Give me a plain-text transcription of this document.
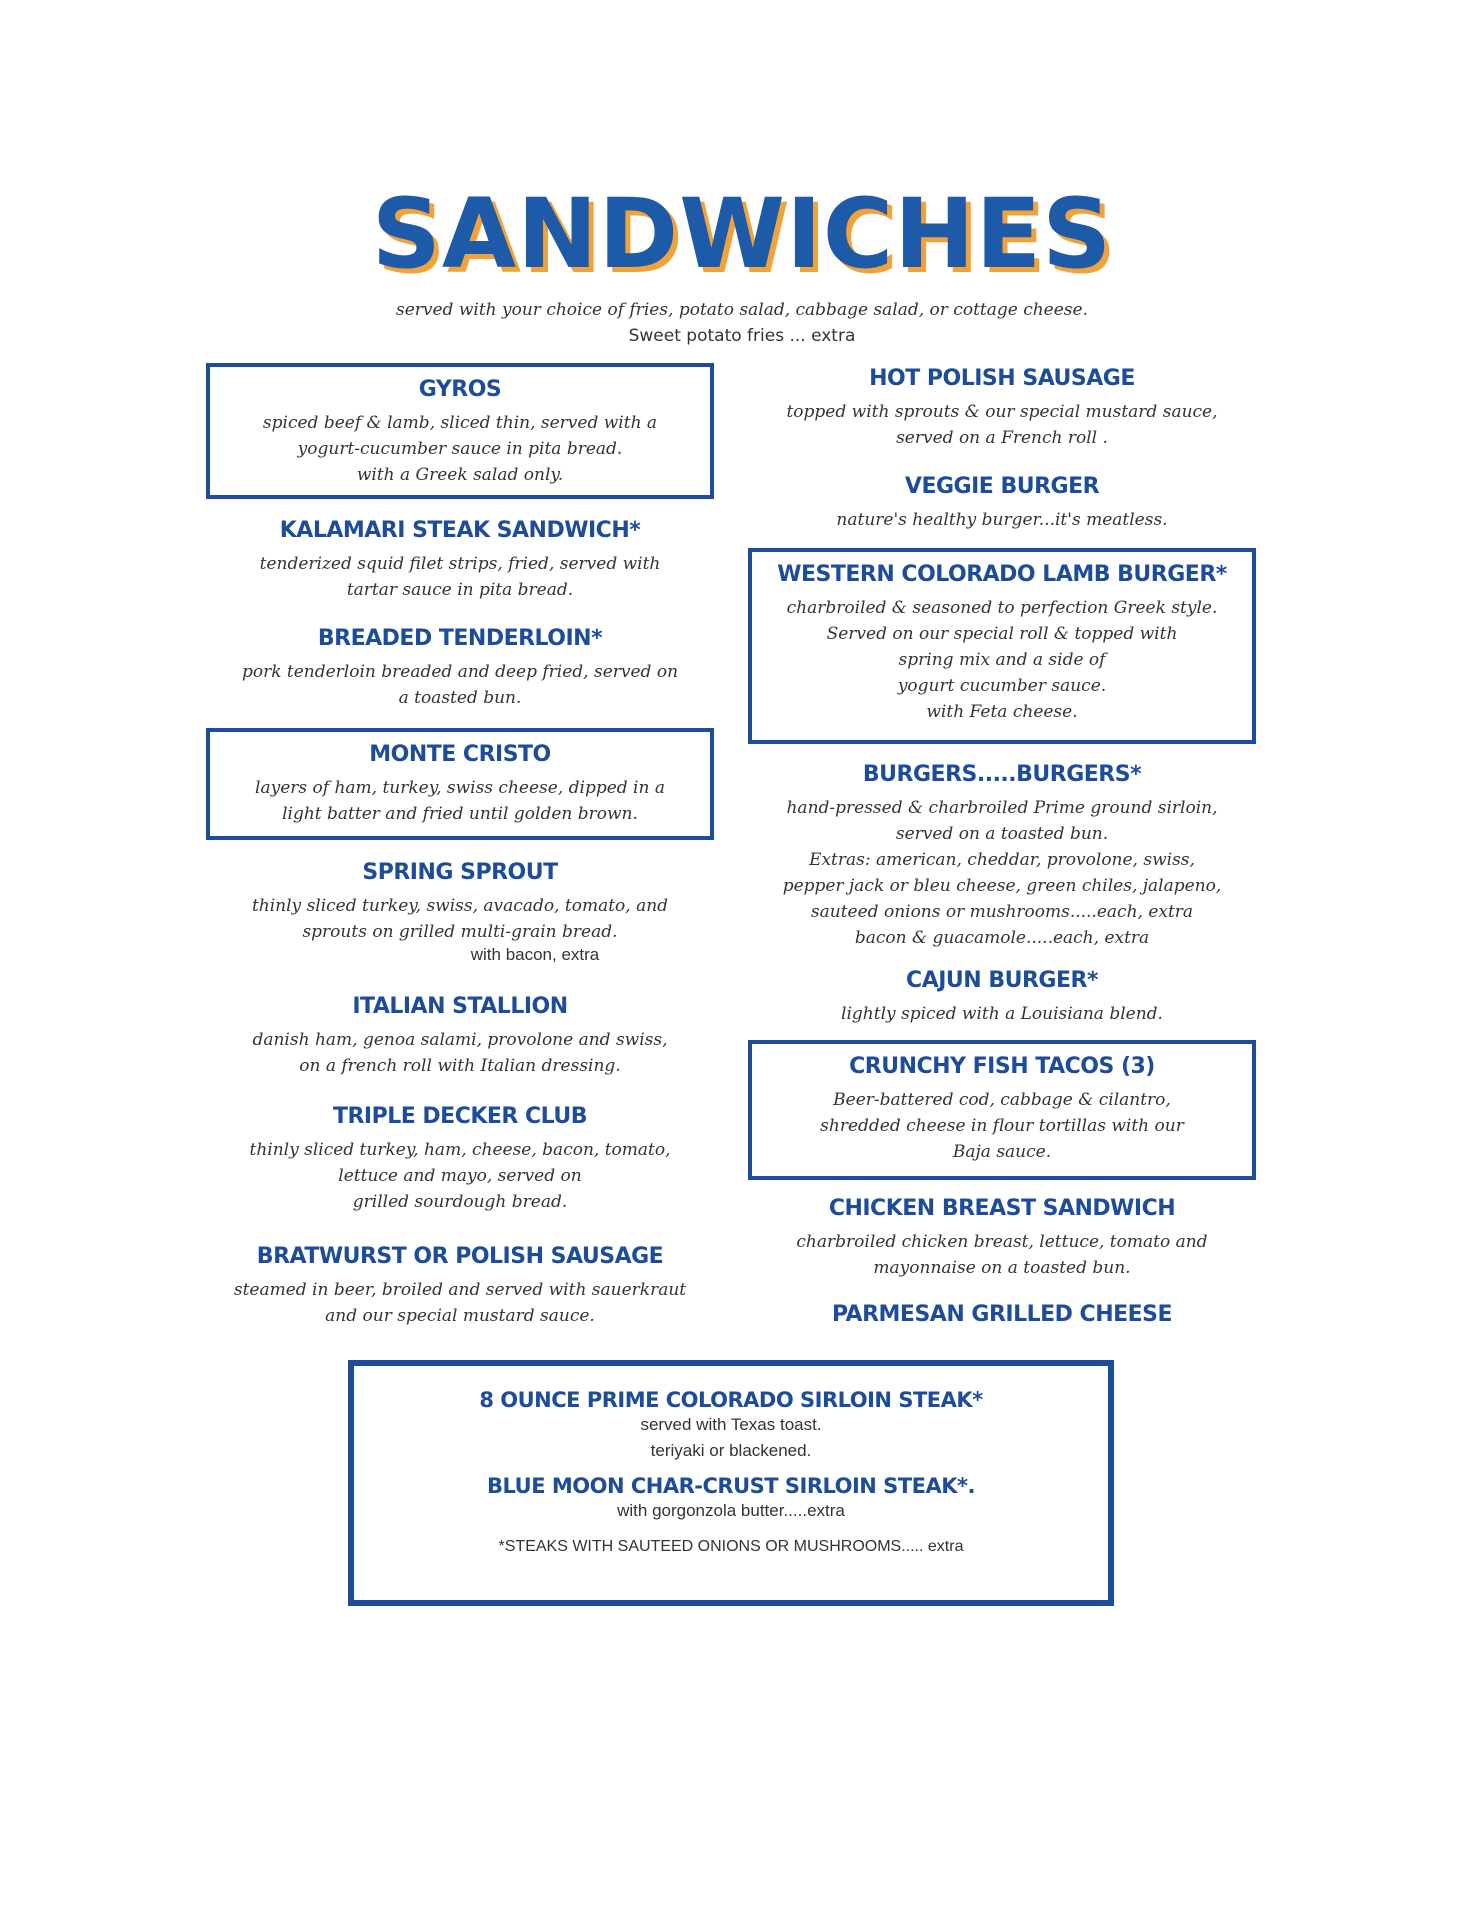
SANDWICHES
served with your choice of fries, potato salad, cabbage salad, or cottage cheese.
Sweet potato fries ... extra
GYROS
spiced beef & lamb, sliced thin, served with a
yogurt-cucumber sauce in pita bread.
with a Greek salad only.
KALAMARI STEAK SANDWICH*
tenderized squid filet strips, fried, served with
tartar sauce in pita bread.
BREADED TENDERLOIN*
pork tenderloin breaded and deep fried, served on
a toasted bun.
MONTE CRISTO
layers of ham, turkey, swiss cheese, dipped in a
light batter and fried until golden brown.
SPRING SPROUT
thinly sliced turkey, swiss, avacado, tomato, and
sprouts on grilled multi-grain bread.
with bacon, extra
ITALIAN STALLION
danish ham, genoa salami, provolone and swiss,
on a french roll with Italian dressing.
TRIPLE DECKER CLUB
thinly sliced turkey, ham, cheese, bacon, tomato,
lettuce and mayo, served on
grilled sourdough bread.
BRATWURST OR POLISH SAUSAGE
steamed in beer, broiled and served with sauerkraut
and our special mustard sauce.
HOT POLISH SAUSAGE
topped with sprouts & our special mustard sauce,
served on a French roll .
VEGGIE BURGER
nature's healthy burger...it's meatless.
WESTERN COLORADO LAMB BURGER*
charbroiled & seasoned to perfection Greek style.
Served on our special roll & topped with
spring mix and a side of
yogurt cucumber sauce.
with Feta cheese.
BURGERS.....BURGERS*
hand-pressed & charbroiled Prime ground sirloin,
served on a toasted bun.
Extras: american, cheddar, provolone, swiss,
pepper jack or bleu cheese, green chiles, jalapeno,
sauteed onions or mushrooms.....each, extra
bacon & guacamole.....each, extra
CAJUN BURGER*
lightly spiced with a Louisiana blend.
CRUNCHY FISH TACOS (3)
Beer-battered cod, cabbage & cilantro,
shredded cheese in flour tortillas with our
Baja sauce.
CHICKEN BREAST SANDWICH
charbroiled chicken breast, lettuce, tomato and
mayonnaise on a toasted bun.
PARMESAN GRILLED CHEESE
8 OUNCE PRIME COLORADO SIRLOIN STEAK*
served with Texas toast.
teriyaki or blackened.
BLUE MOON CHAR-CRUST SIRLOIN STEAK*.
with gorgonzola butter.....extra
*STEAKS WITH SAUTEED ONIONS OR MUSHROOMS..... extra
